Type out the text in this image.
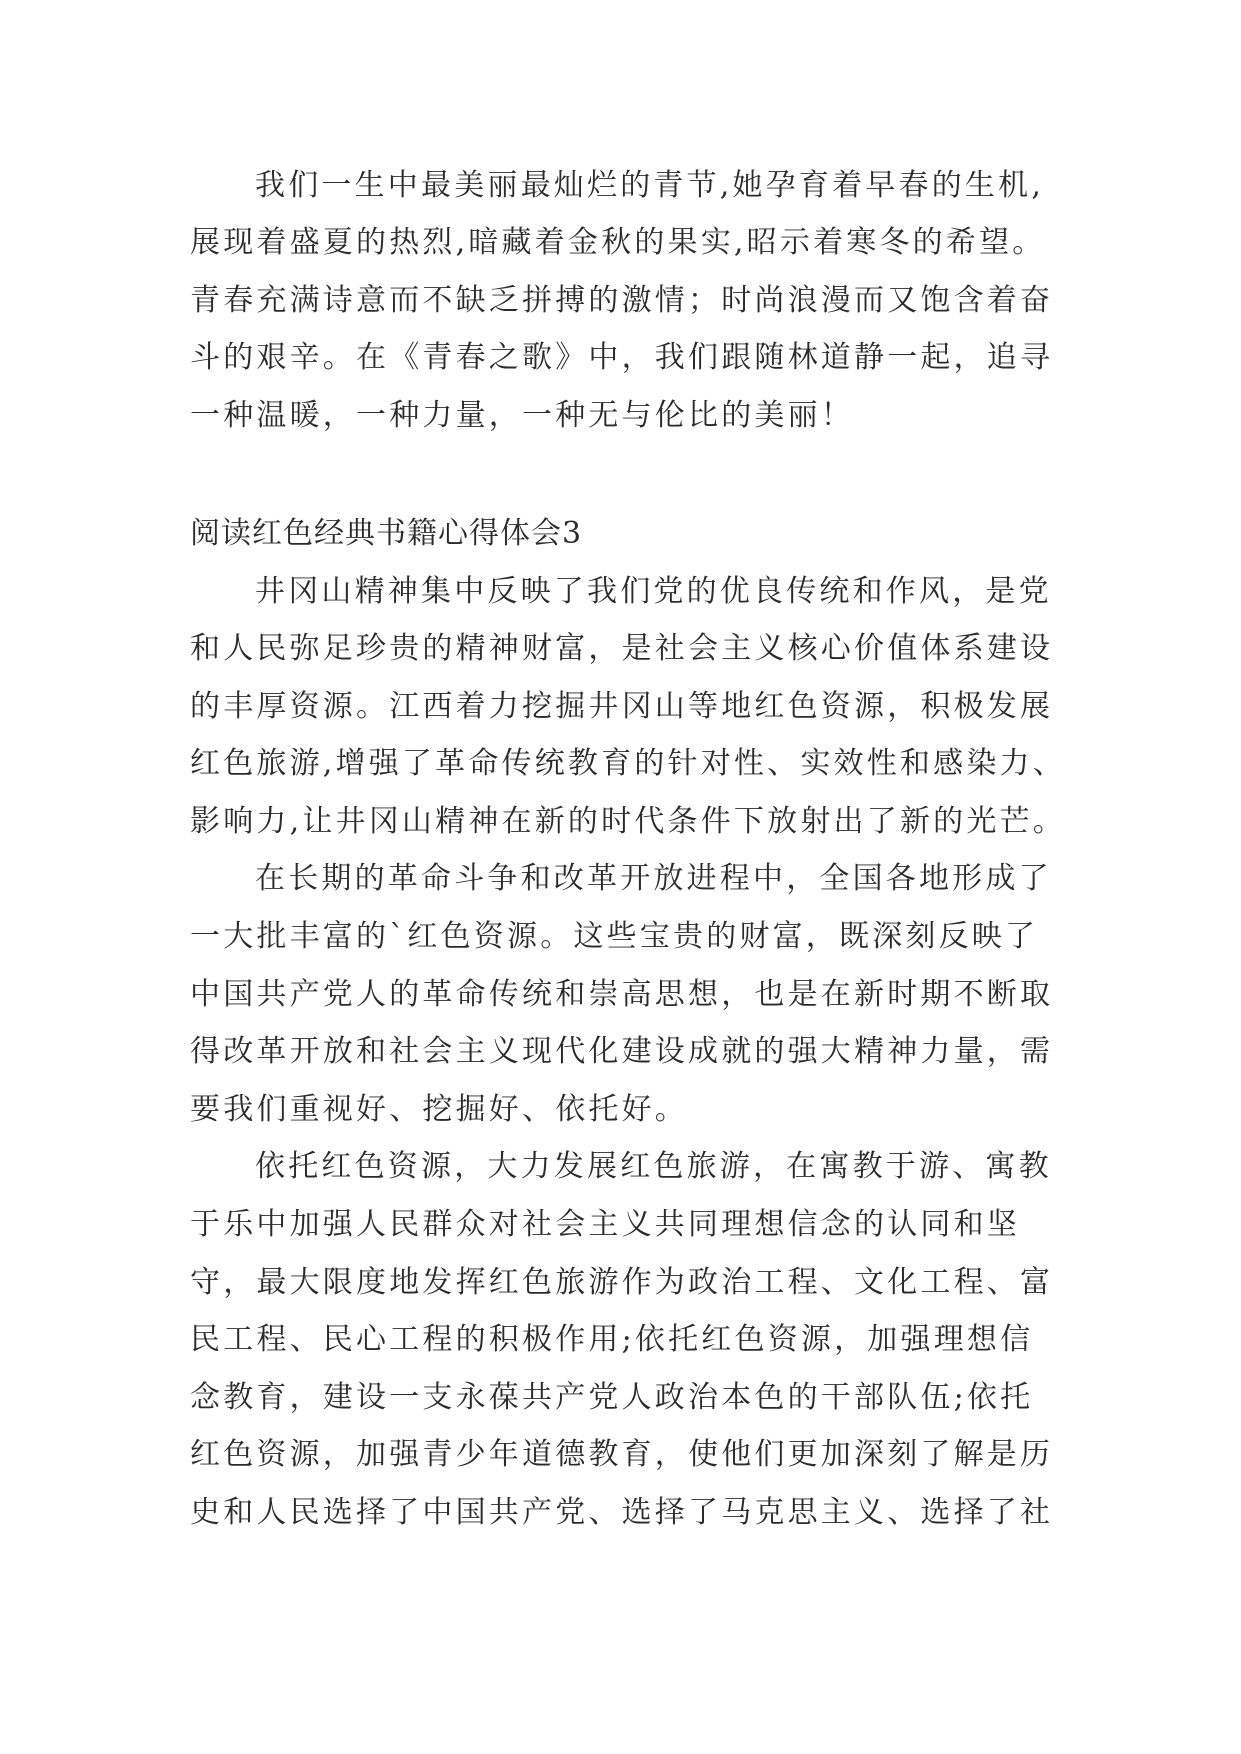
我们一生中最美丽最灿烂的青节,她孕育着早春的生机,
展现着盛夏的热烈,暗藏着金秋的果实,昭示着寒冬的希望。
青春充满诗意而不缺乏拼搏的激情；时尚浪漫而又饱含着奋
斗的艰辛。在《青春之歌》中，我们跟随林道静一起，追寻
一种温暖，一种力量，一种无与伦比的美丽！
阅读红色经典书籍心得体会3
井冈山精神集中反映了我们党的优良传统和作风，是党
和人民弥足珍贵的精神财富，是社会主义核心价值体系建设
的丰厚资源。江西着力挖掘井冈山等地红色资源，积极发展
红色旅游,增强了革命传统教育的针对性、实效性和感染力、
影响力,让井冈山精神在新的时代条件下放射出了新的光芒。
在长期的革命斗争和改革开放进程中，全国各地形成了
一大批丰富的`红色资源。这些宝贵的财富，既深刻反映了
中国共产党人的革命传统和崇高思想，也是在新时期不断取
得改革开放和社会主义现代化建设成就的强大精神力量，需
要我们重视好、挖掘好、依托好。
依托红色资源，大力发展红色旅游，在寓教于游、寓教
于乐中加强人民群众对社会主义共同理想信念的认同和坚
守，最大限度地发挥红色旅游作为政治工程、文化工程、富
民工程、民心工程的积极作用;依托红色资源，加强理想信
念教育，建设一支永葆共产党人政治本色的干部队伍;依托
红色资源，加强青少年道德教育，使他们更加深刻了解是历
史和人民选择了中国共产党、选择了马克思主义、选择了社
